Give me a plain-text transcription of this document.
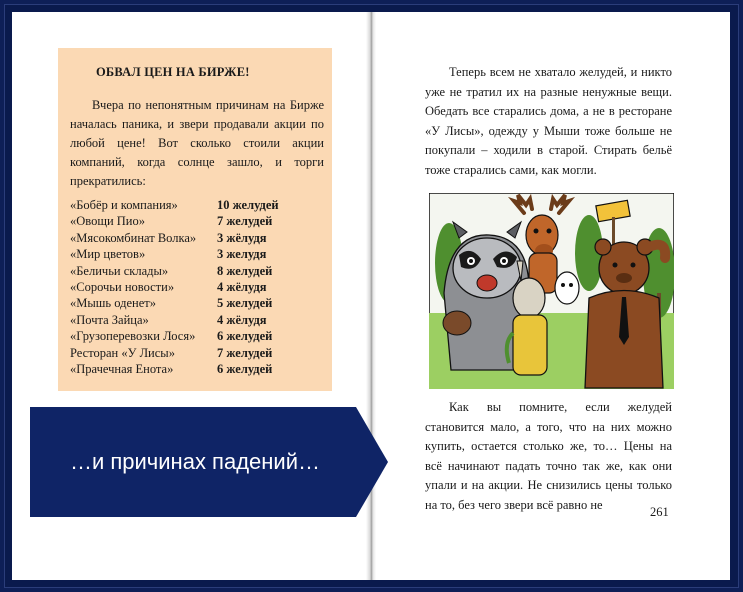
ОБВАЛ ЦЕН НА БИРЖЕ!
Вчера по непонятным причинам на Бирже началась паника, и звери продавали акции по любой цене! Вот сколько стоили акции компаний, когда солнце зашло, и торги прекратились:
«Бобёр и компания»	10 желудей
«Овощи Пио»	7 желудей
«Мясокомбинат Волка» 3 жёлудя
«Мир цветов»	3 желудя
«Беличьи склады»	8 желудей
«Сорочьи новости»	4 жёлудя
«Мышь оденет»	5 желудей
«Почта Зайца»	4 жёлудя
«Грузоперевозки Лося» 6 желудей
Ресторан «У Лисы»	7 желудей
«Прачечная Енота»	6 желудей
…и причинах падений…
Теперь всем не хватало желудей, и никто уже не тратил их на разные ненужные вещи. Обедать все старались дома, а не в ресторане «У Лисы», одежду у Мыши тоже больше не покупали – ходили в старой. Стирать бельё тоже старались сами, как могли.
Как вы помните, если желудей становится мало, а того, что на них можно купить, остается столько же, то… Цены на всё начинают падать точно так же, как они упали и на акции. Не снизились цены только на то, без чего звери всё равно не
261
